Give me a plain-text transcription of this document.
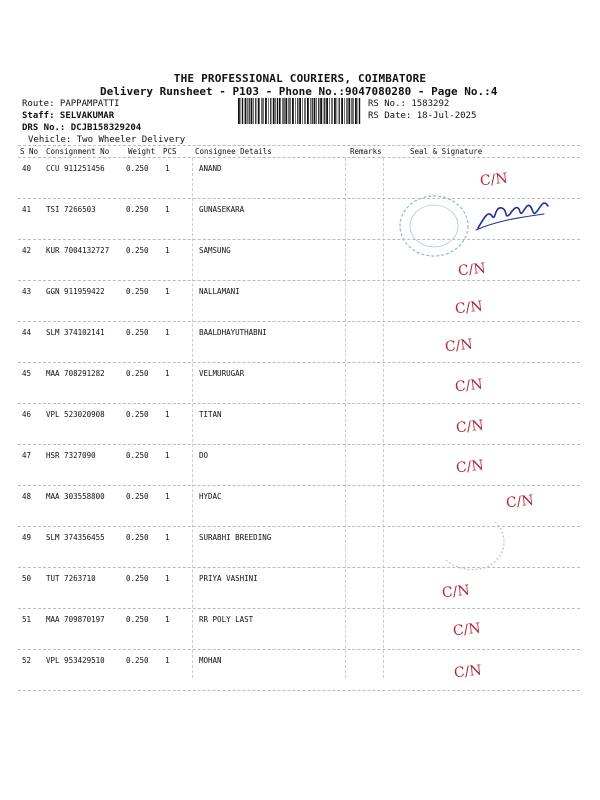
THE PROFESSIONAL COURIERS, COIMBATORE
Delivery Runsheet - P103 - Phone No.:9047080280 - Page No.:4
Route: PAPPAMPATTI
Staff: SELVAKUMAR
DRS No.: DCJB158329204
Vehicle: Two Wheeler Delivery
RS No.: 1583292
RS Date: 18-Jul-2025
S No Consignment No	Weight PCS Consignee Details	Remarks	Seal & Signature
40 CCU 911251456	0.250 1	ANAND
C/N
41 TSI 7266503	0.250 1	GUNASEKARA
42 KUR 7004132727 0.250 1	SAMSUNG
C/N
43 GGN 911959422	0.250 1	NALLAMANI
C/N
44 SLM 374102141	0.250 1	BAALDHAYUTHABNI
C/N
45 MAA 708291282	0.250 1	VELMURUGAR
C/N
46 VPL 523020908	0.250 1	TITAN
C/N
47 HSR 7327090	0.250 1	DO
C/N
48 MAA 303558800	0.250 1	HYDAC	C/N
49 SLM 374356455	0.250 1	SURABHI BREEDING
50 TUT 7263710	0.250 1	PRIYA VASHINI
C/N
51 MAA 709870197	0.250 1	RR POLY LAST
C/N
52 VPL 953429510	0.250 1	MOHAN
C/N
